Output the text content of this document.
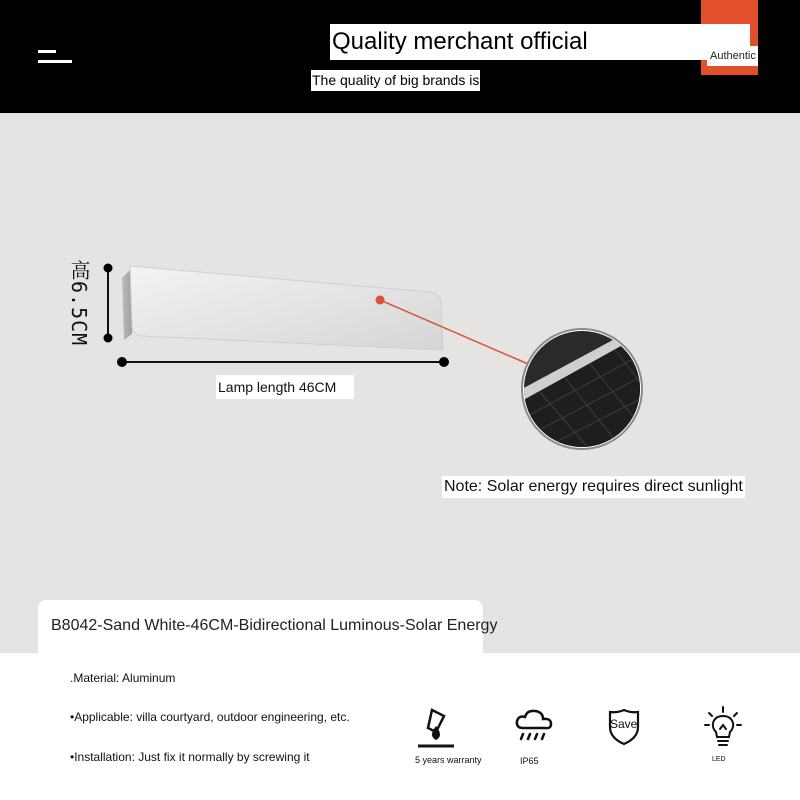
Quality merchant official
Authentic
The quality of big brands is
高6.5CM
Lamp length 46CM
Note: Solar energy requires direct sunlight
B8042-Sand White-46CM-Bidirectional Luminous-Solar Energy
.Material: Aluminum
•Applicable: villa courtyard, outdoor engineering, etc.
•Installation: Just fix it normally by screwing it	5 years warranty	IP65
Save
LED
